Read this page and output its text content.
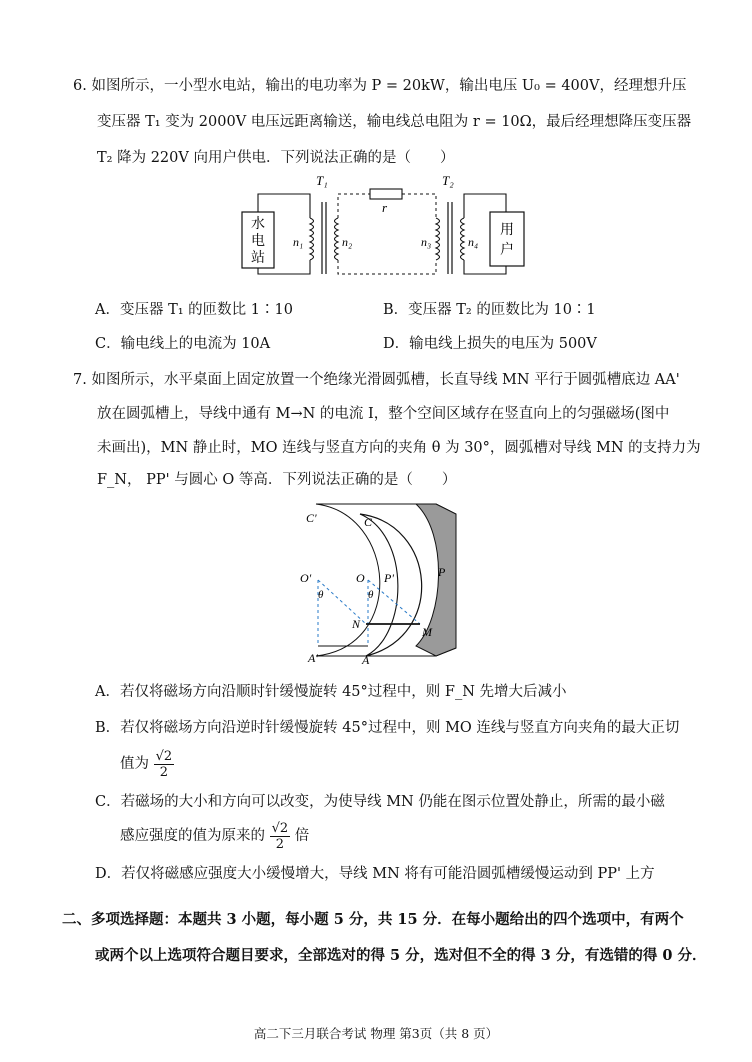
6. 如图所示，一小型水电站，输出的电功率为 P = 20kW，输出电压 U₀ = 400V，经理想升压
变压器 T₁ 变为 2000V 电压远距离输送，输电线总电阻为 r = 10Ω，最后经理想降压变压器
T₂ 降为 220V 向用户供电．下列说法正确的是（　　）
水
电
站
n₁
T₁
n₂
r
n₃
T₂
n₄
用
户
A．变压器 T₁ 的匝数比 1∶10	B．变压器 T₂ 的匝数比为 10∶1
C．输电线上的电流为 10A	D．输电线上损失的电压为 500V
7. 如图所示，水平桌面上固定放置一个绝缘光滑圆弧槽，长直导线 MN 平行于圆弧槽底边 AA'
放在圆弧槽上，导线中通有 M→N 的电流 I，整个空间区域存在竖直向上的匀强磁场(图中
未画出)，MN 静止时，MO 连线与竖直方向的夹角 θ 为 30°，圆弧槽对导线 MN 的支持力为
F_N， PP' 与圆心 O 等高．下列说法正确的是（　　）
C'	C
O'	O P'	P
θ	θ
N
M
A'	A
A．若仅将磁场方向沿顺时针缓慢旋转 45°过程中，则 F_N 先增大后减小
B．若仅将磁场方向沿逆时针缓慢旋转 45°过程中，则 MO 连线与竖直方向夹角的最大正切
值为 $\frac{√2}{2}$
C．若磁场的大小和方向可以改变，为使导线 MN 仍能在图示位置处静止，所需的最小磁
感应强度的值为原来的 $\frac{√2}{2}$ 倍
D．若仅将磁感应强度大小缓慢增大，导线 MN 将有可能沿圆弧槽缓慢运动到 PP' 上方
二、多项选择题：本题共 3 小题，每小题 5 分，共 15 分．在每小题给出的四个选项中，有两个
或两个以上选项符合题目要求，全部选对的得 5 分，选对但不全的得 3 分，有选错的得 0 分．
高二下三月联合考试 物理 第3页（共 8 页）
